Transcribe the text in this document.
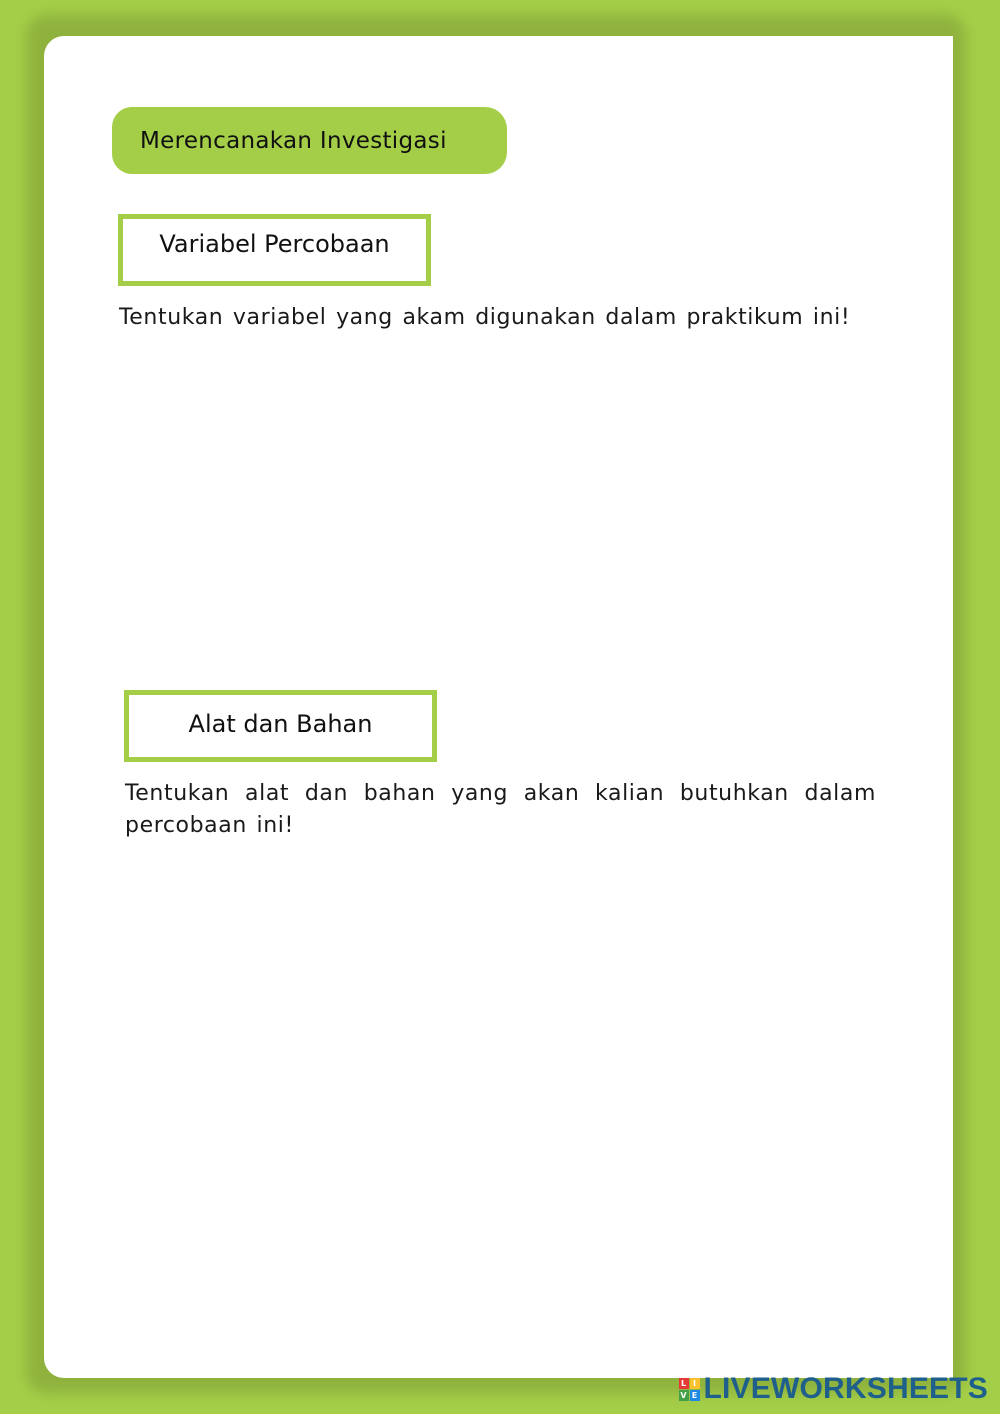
Merencanakan Investigasi
Variabel Percobaan
Tentukan variabel yang akam digunakan dalam praktikum ini!
Alat dan Bahan
Tentukan alat dan bahan yang akan kalian butuhkan dalam percobaan ini!
L I
V E LIVEWORKSHEETS
